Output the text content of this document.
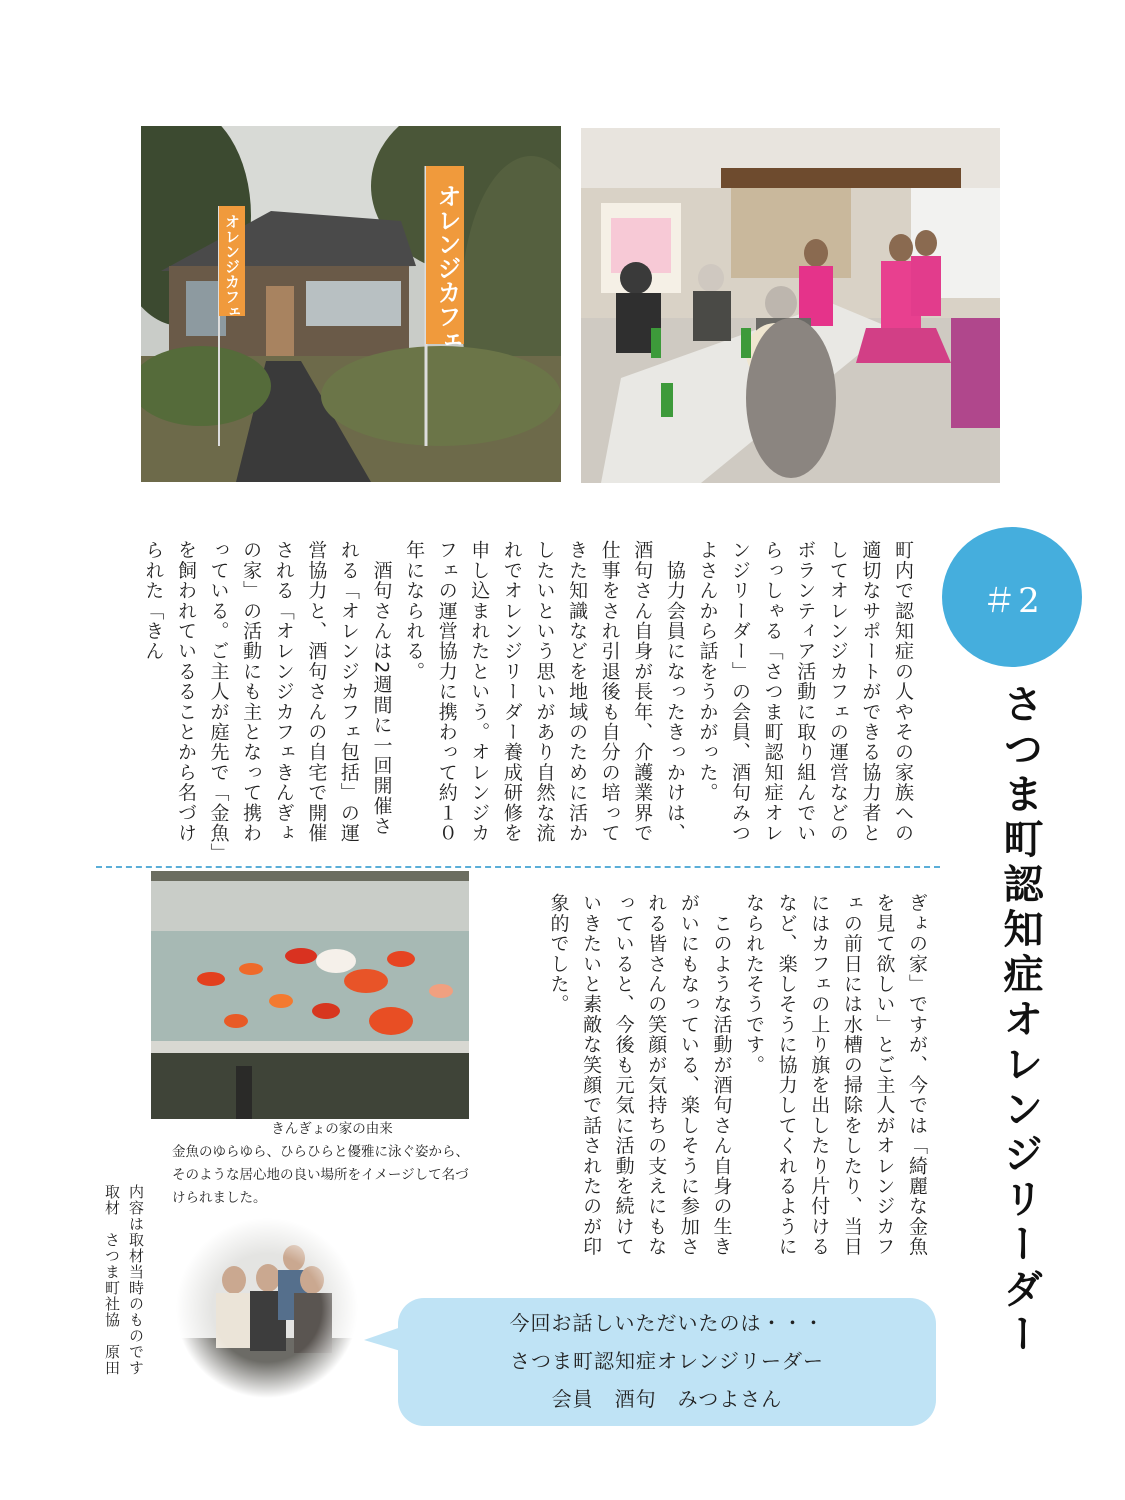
オレンジカフェ	オレンジカフェ
＃2
さつま町認知症オレンジリーダー
町内で認知症の人やその家族への適切なサポートができる協力者としてオレンジカフェの運営などのボランティア活動に取り組んでいらっしゃる「さつま町認知症オレンジリーダー」の会員、酒句みつよさんから話をうかがった。
　協力会員になったきっかけは、酒句さん自身が長年、介護業界で仕事をされ引退後も自分の培ってきた知識などを地域のために活かしたいという思いがあり自然な流れでオレンジリーダー養成研修を申し込まれたという。オレンジカフェの運営協力に携わって約１０年になられる。
　酒句さんは2週間に一回開催される「オレンジカフェ包括」の運営協力と、酒句さんの自宅で開催される「オレンジカフェきんぎょの家」の活動にも主となって携わっている。ご主人が庭先で「金魚」を飼われているることから名づけられた「きん
ぎょの家」ですが、今では「綺麗な金魚を見て欲しい」とご主人がオレンジカフェの前日には水槽の掃除をしたり、当日にはカフェの上り旗を出したり片付けるなど、楽しそうに協力してくれるようになられたそうです。
　このような活動が酒句さん自身の生きがいにもなっている、楽しそうに参加される皆さんの笑顔が気持ちの支えにもなっていると、今後も元気に活動を続けていきたいと素敵な笑顔で話されたのが印象的でした。
きんぎょの家の由来
金魚のゆらゆら、ひらひらと優雅に泳ぐ姿から、そのような居心地の良い場所をイメージして名づけられました。
内容は取材当時のものです
取材　さつま町社協　原田
今回お話しいただいたのは・・・
さつま町認知症オレンジリーダー
会員　酒句　みつよさん
